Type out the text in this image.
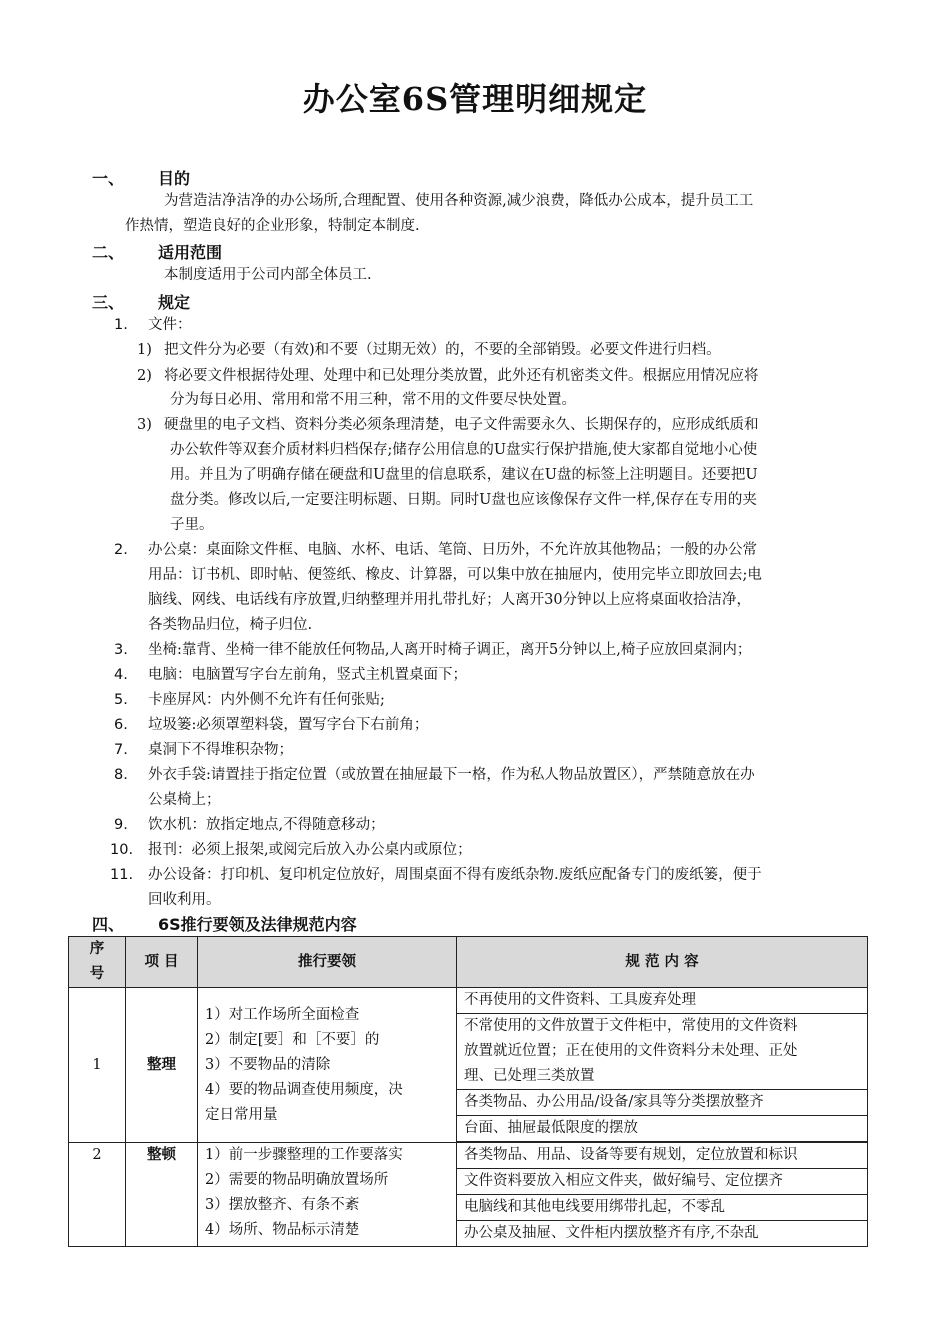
办公室6S管理明细规定
一、 目的
为营造洁净洁净的办公场所,合理配置、使用各种资源,减少浪费，降低办公成本，提升员工工
作热情，塑造良好的企业形象，特制定本制度.
二、 适用范围
本制度适用于公司内部全体员工.
三、 规定
1. 文件：
1) 把文件分为必要（有效)和不要（过期无效）的，不要的全部销毁。必要文件进行归档。
2) 将必要文件根据待处理、处理中和已处理分类放置，此外还有机密类文件。根据应用情况应将
分为每日必用、常用和常不用三种，常不用的文件要尽快处置。
3) 硬盘里的电子文档、资料分类必须条理清楚，电子文件需要永久、长期保存的，应形成纸质和
办公软件等双套介质材料归档保存;储存公用信息的U盘实行保护措施,使大家都自觉地小心使
用。并且为了明确存储在硬盘和U盘里的信息联系，建议在U盘的标签上注明题目。还要把U
盘分类。修改以后,一定要注明标题、日期。同时U盘也应该像保存文件一样,保存在专用的夹
子里。
2. 办公桌：桌面除文件框、电脑、水杯、电话、笔筒、日历外，不允许放其他物品；一般的办公常
用品：订书机、即时帖、便签纸、橡皮、计算器，可以集中放在抽屉内，使用完毕立即放回去;电
脑线、网线、电话线有序放置,归纳整理并用扎带扎好；人离开30分钟以上应将桌面收拾洁净，
各类物品归位，椅子归位.
3. 坐椅:靠背、坐椅一律不能放任何物品,人离开时椅子调正，离开5分钟以上,椅子应放回桌洞内；
4. 电脑：电脑置写字台左前角，竖式主机置桌面下；
5. 卡座屏风：内外侧不允许有任何张贴;
6. 垃圾篓:必须罩塑料袋，置写字台下右前角；
7. 桌洞下不得堆积杂物；
8. 外衣手袋:请置挂于指定位置（或放置在抽屉最下一格，作为私人物品放置区），严禁随意放在办
公桌椅上；
9. 饮水机：放指定地点,不得随意移动；
10. 报刊：必须上报架,或阅完后放入办公桌内或原位；
11. 办公设备：打印机、复印机定位放好，周围桌面不得有废纸杂物.废纸应配备专门的废纸篓，便于
回收利用。
四、 6S推行要领及法律规范内容
序
号	项 目	推行要领	规 范 内 容
1	整理	1）对工作场所全面检查
2）制定[要］和［不要］的
3）不要物品的清除
4）要的物品调查使用频度，决
定日常用量	不再使用的文件资料、工具废弃处理

			不常使用的文件放置于文件柜中，常使用的文件资料
放置就近位置；正在使用的文件资料分未处理、正处
理、已处理三类放置

			各类物品、办公用品/设备/家具等分类摆放整齐
			台面、抽屉最低限度的摆放

2	整顿	1）前一步骤整理的工作要落实
2）需要的物品明确放置场所
3）摆放整齐、有条不紊
4）场所、物品标示清楚	各类物品、用品、设备等要有规划，定位放置和标识
			文件资料要放入相应文件夹，做好编号、定位摆齐
			电脑线和其他电线要用绑带扎起，不零乱
			办公桌及抽屉、文件柜内摆放整齐有序,不杂乱
